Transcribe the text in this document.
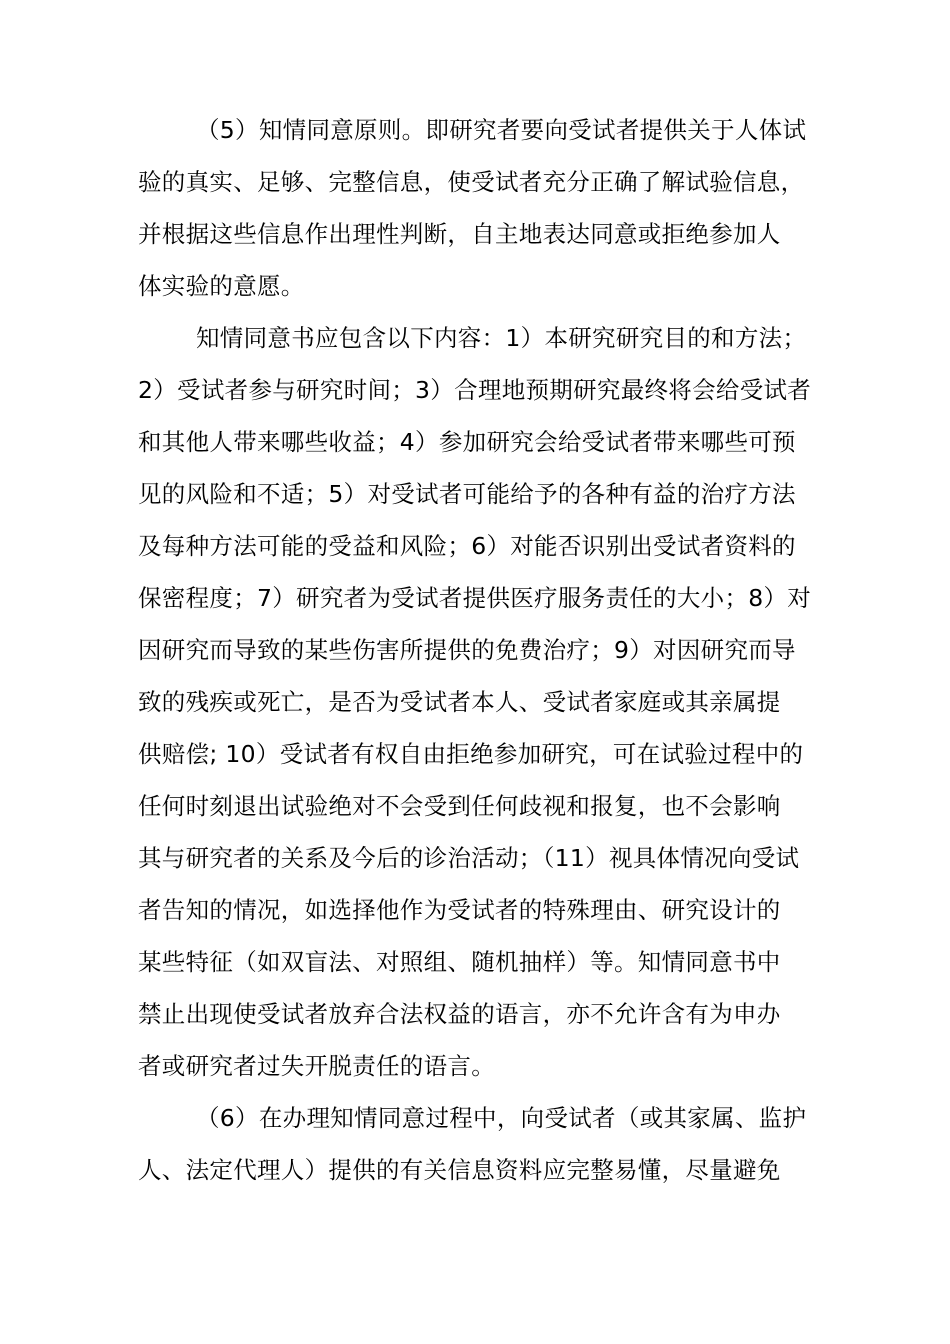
（5）知情同意原则。即研究者要向受试者提供关于人体试
验的真实、足够、完整信息，使受试者充分正确了解试验信息，
并根据这些信息作出理性判断，自主地表达同意或拒绝参加人
体实验的意愿。
知情同意书应包含以下内容：1）本研究研究目的和方法；
2）受试者参与研究时间；3）合理地预期研究最终将会给受试者
和其他人带来哪些收益；4）参加研究会给受试者带来哪些可预
见的风险和不适；5）对受试者可能给予的各种有益的治疗方法
及每种方法可能的受益和风险；6）对能否识别出受试者资料的
保密程度；7）研究者为受试者提供医疗服务责任的大小；8）对
因研究而导致的某些伤害所提供的免费治疗；9）对因研究而导
致的残疾或死亡，是否为受试者本人、受试者家庭或其亲属提
供赔偿; 10）受试者有权自由拒绝参加研究，可在试验过程中的
任何时刻退出试验绝对不会受到任何歧视和报复，也不会影响
其与研究者的关系及今后的诊治活动；（11）视具体情况向受试
者告知的情况，如选择他作为受试者的特殊理由、研究设计的
某些特征（如双盲法、对照组、随机抽样）等。知情同意书中
禁止出现使受试者放弃合法权益的语言，亦不允许含有为申办
者或研究者过失开脱责任的语言。
（6）在办理知情同意过程中，向受试者（或其家属、监护
人、法定代理人）提供的有关信息资料应完整易懂，尽量避免
